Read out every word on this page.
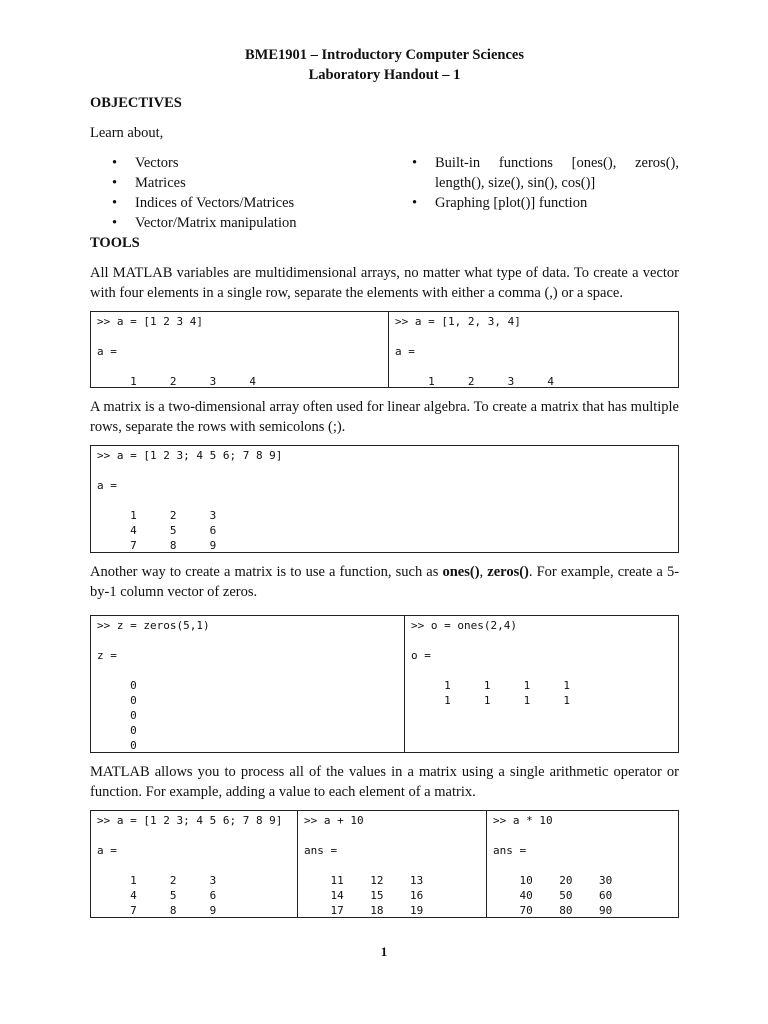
BME1901 – Introductory Computer Sciences
Laboratory Handout – 1
OBJECTIVES

Learn about,

• Vectors
• Matrices
• Indices of Vectors/Matrices
• Vector/Matrix manipulation
• Built-in functions [ones(), zeros(), length(), size(), sin(), cos()]
• Graphing [plot()] function
TOOLS

All MATLAB variables are multidimensional arrays, no matter what type of data. To create a vector with four elements in a single row, separate the elements with either a comma (,) or a space.

>> a = [1 2 3 4]

a =

1     2     3     4
>> a = [1, 2, 3, 4]

a =

1     2     3     4

A matrix is a two-dimensional array often used for linear algebra. To create a matrix that has multiple rows, separate the rows with semicolons (;).

>> a = [1 2 3; 4 5 6; 7 8 9]

a =

1     2     3
4     5     6
7     8     9

Another way to create a matrix is to use a function, such as ones(), zeros(). For example, create a 5-by-1 column vector of zeros.

>> z = zeros(5,1)

z =

0
0
0
0
0
>> o = ones(2,4)

o =

1     1     1     1
1     1     1     1

MATLAB allows you to process all of the values in a matrix using a single arithmetic operator or function. For example, adding a value to each element of a matrix.

>> a = [1 2 3; 4 5 6; 7 8 9]

a =

1     2     3
4     5     6
7     8     9
>> a + 10

ans =

11    12    13
14    15    16
17    18    19
>> a * 10

ans =

10    20    30
40    50    60
70    80    90
1
